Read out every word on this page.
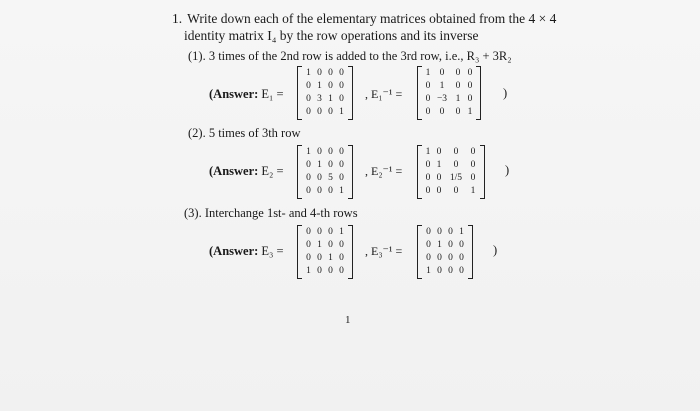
1. Write down each of the elementary matrices obtained from the 4 × 4
identity matrix I₄ by the row operations and its inverse
(1). 3 times of the 2nd row is added to the 3rd row, i.e., R₃ + 3R₂
(Answer: E₁ =
1 0 0 0
0 1 0 0
0 3 1 0
0 0 0 1
, E₁⁻¹ =
1 0	0 0
0 1	0 0
0 −3 1 0
0 0	0 1
)
(2). 5 times of 3th row
(Answer: E₂ =
1 0 0 0
0 1 0 0
0 0 5 0
0 0 0 1
, E₂⁻¹ =
1 0	0	0
0 1	0	0
0 0 1/5 0
0 0	0	1
)
(3). Interchange 1st- and 4-th rows
(Answer: E₃ =
0 0 0 1
0 1 0 0
0 0 1 0
1 0 0 0
, E₃⁻¹ =
0 0 0 1
0 1 0 0
0 0 0 0
1 0 0 0
)
1
